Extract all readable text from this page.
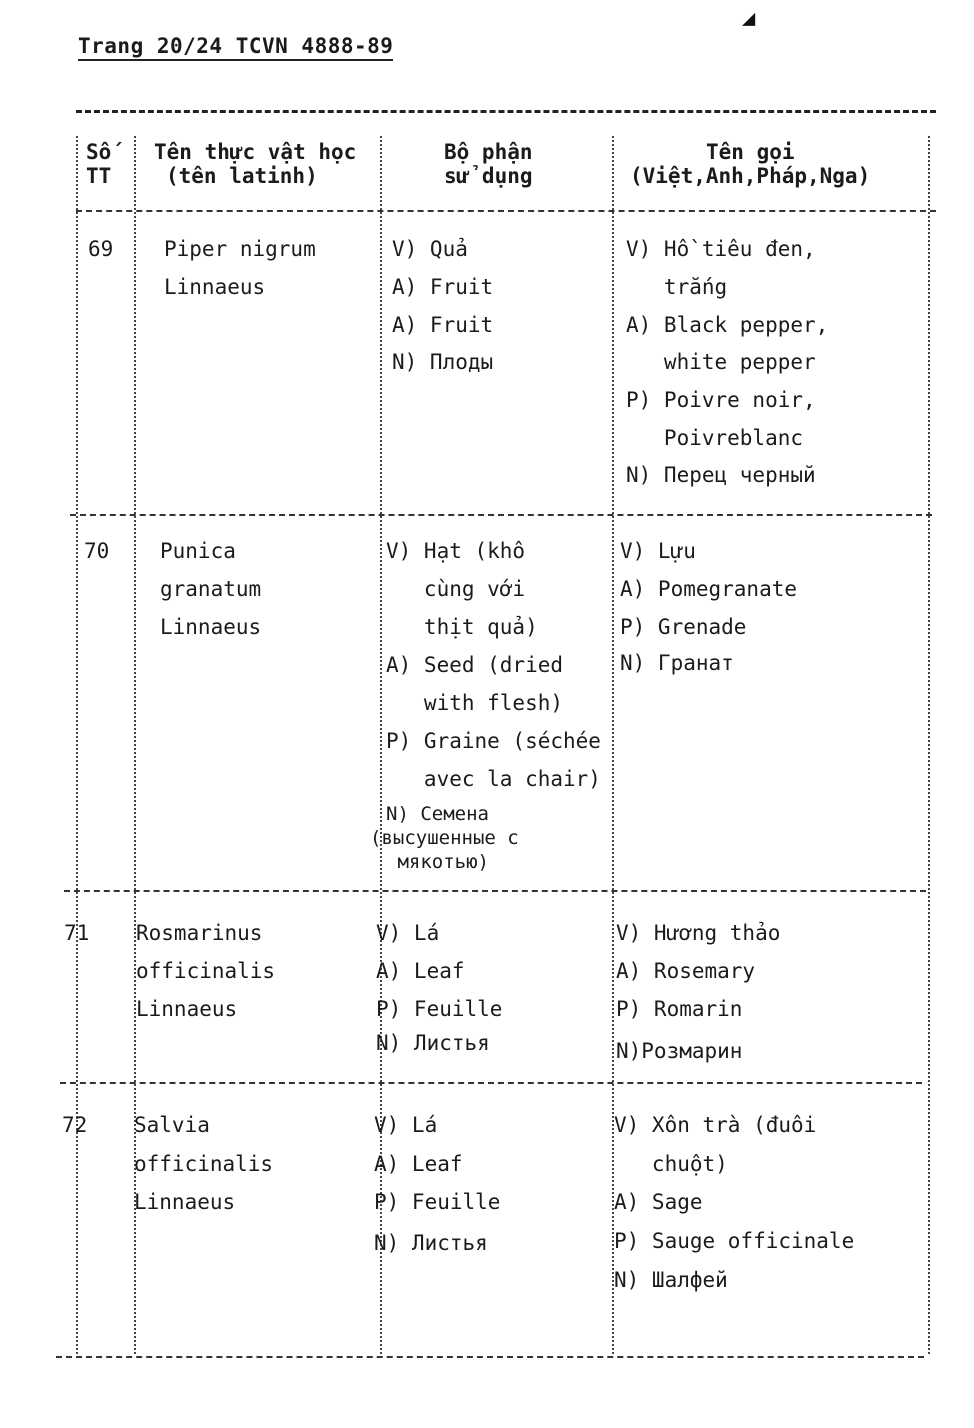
◢
Trang 20/24 TCVN 4888-89
Số
TT
Tên thực vật học
(tên latinh)
Bộ phận
sử dụng
Tên gọi
(Việt,Anh,Pháp,Nga)
69 Piper nigrum
Linnaeus
V) Quả
A) Fruit
A) Fruit
N) Плоды
V) Hồ tiêu đen,
trắng
A) Black pepper,
white pepper
P) Poivre noir,
Poivreblanc
N) Перец черный
70 Punica
granatum
Linnaeus
V) Hạt (khô
cùng với
thịt quả)
A) Seed (dried
with flesh)
P) Graine (séchée
avec la chair)
N) Семена
(высушенные с
мякотью)
V) Lựu
A) Pomegranate
P) Grenade
N) Гранат
71 Rosmarinus
officinalis
Linnaeus
V) Lá
A) Leaf
P) Feuille
N) Листья
V) Hương thảo
A) Rosemary
P) Romarin
N)Розмарин
72 Salvia
officinalis
Linnaeus
V) Lá
A) Leaf
P) Feuille
N) Листья
V) Xôn trà (đuôi
chuột)
A) Sage
P) Sauge officinale
N) Шалфей
